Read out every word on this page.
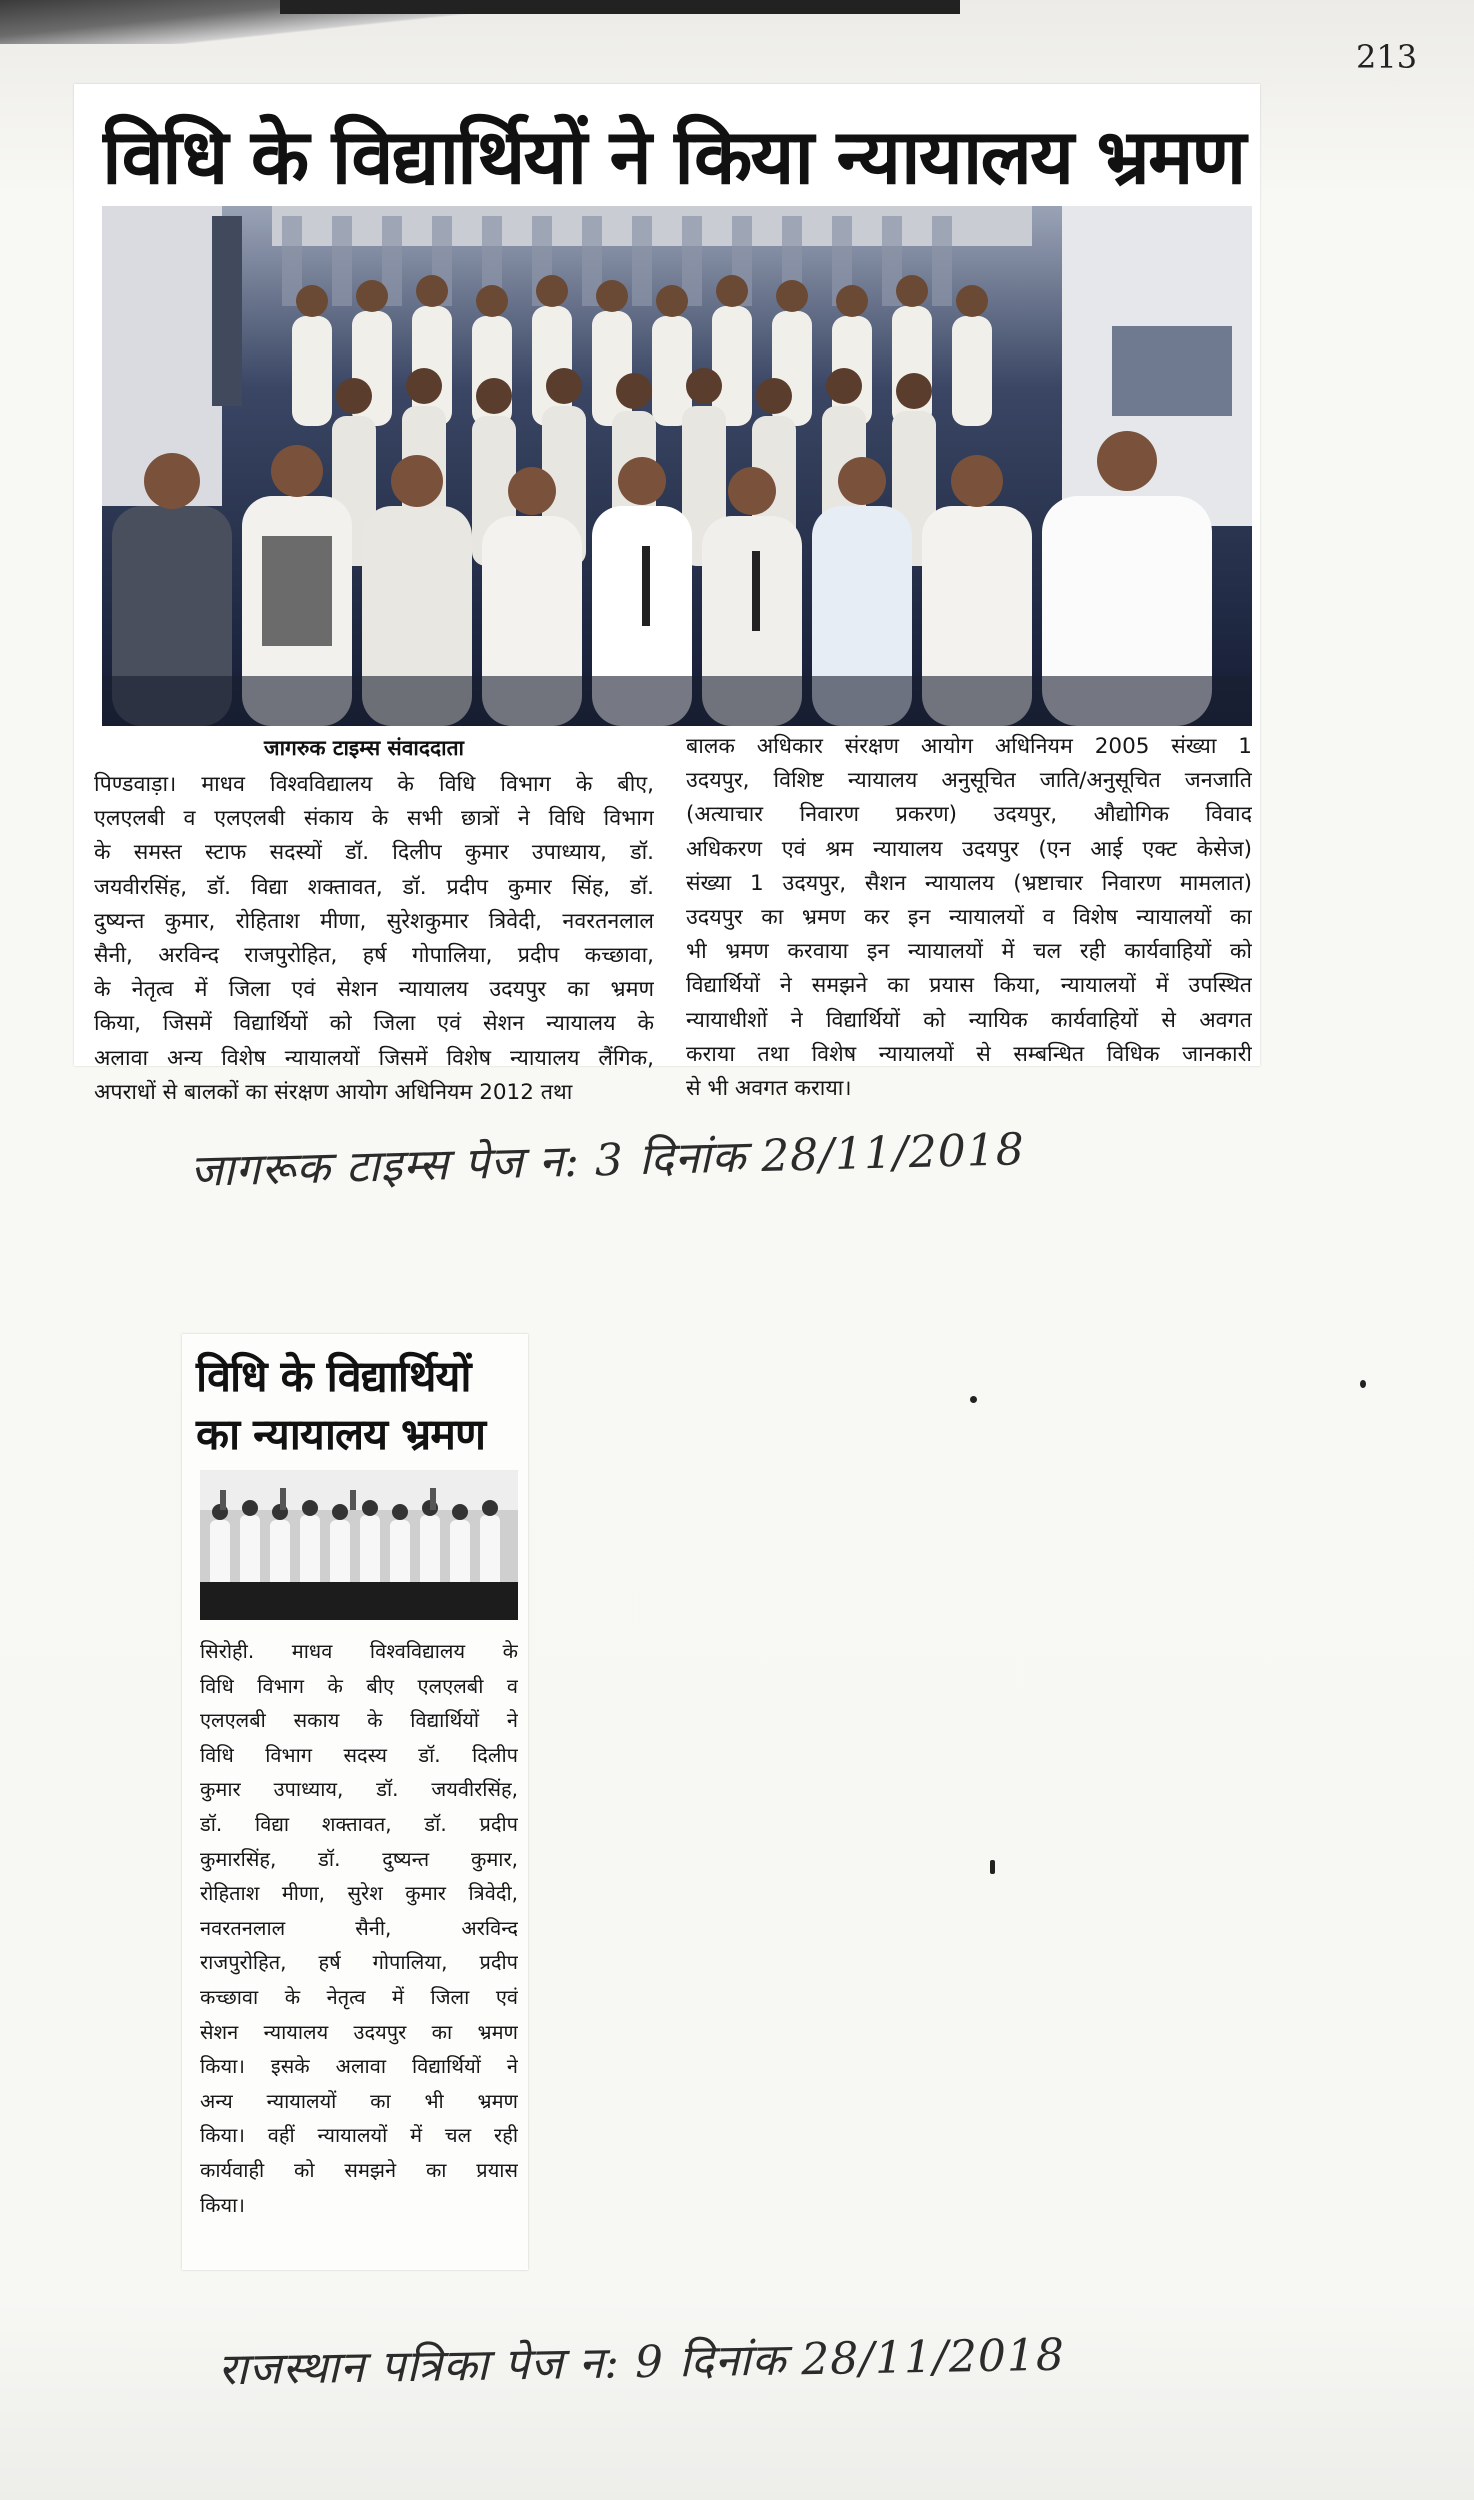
213
विधि के विद्यार्थियों ने किया न्यायालय भ्रमण
जागरुक टाइम्स संवाददाता
पिण्डवाड़ा। माधव विश्वविद्यालय के विधि विभाग के बीए,
एलएलबी व एलएलबी संकाय के सभी छात्रों ने विधि विभाग
के समस्त स्टाफ सदस्यों डॉ. दिलीप कुमार उपाध्याय, डॉ.
जयवीरसिंह, डॉ. विद्या शक्तावत, डॉ. प्रदीप कुमार सिंह, डॉ.
दुष्यन्त कुमार, रोहिताश मीणा, सुरेशकुमार त्रिवेदी, नवरतनलाल
सैनी, अरविन्द राजपुरोहित, हर्ष गोपालिया, प्रदीप कच्छावा,
के नेतृत्व में जिला एवं सेशन न्यायालय उदयपुर का भ्रमण
किया, जिसमें विद्यार्थियों को जिला एवं सेशन न्यायालय के
अलावा अन्य विशेष न्यायालयों जिसमें विशेष न्यायालय लैंगिक,
अपराधों से बालकों का संरक्षण आयोग अधिनियम 2012 तथा
बालक अधिकार संरक्षण आयोग अधिनियम 2005 संख्या 1
उदयपुर, विशिष्ट न्यायालय अनुसूचित जाति/अनुसूचित जनजाति
(अत्याचार निवारण प्रकरण) उदयपुर, औद्योगिक विवाद
अधिकरण एवं श्रम न्यायालय उदयपुर (एन आई एक्ट केसेज)
संख्या 1 उदयपुर, सैशन न्यायालय (भ्रष्टाचार निवारण मामलात)
उदयपुर का भ्रमण कर इन न्यायालयों व विशेष न्यायालयों का
भी भ्रमण करवाया इन न्यायालयों में चल रही कार्यवाहियों को
विद्यार्थियों ने समझने का प्रयास किया, न्यायालयों में उपस्थित
न्यायाधीशों ने विद्यार्थियों को न्यायिक कार्यवाहियों से अवगत
कराया तथा विशेष न्यायालयों से सम्बन्धित विधिक जानकारी
से भी अवगत कराया।
जागरूक टाइम्स पेज न: 3 दिनांक 28/11/2018
विधि के विद्यार्थियों
का न्यायालय भ्रमण
सिरोही. माधव विश्वविद्यालय के
विधि विभाग के बीए एलएलबी व
एलएलबी सकाय के विद्यार्थियों ने
विधि विभाग सदस्य डॉ. दिलीप
कुमार उपाध्याय, डॉ. जयवीरसिंह,
डॉ. विद्या शक्तावत, डॉ. प्रदीप
कुमारसिंह, डॉ. दुष्यन्त कुमार,
रोहिताश मीणा, सुरेश कुमार त्रिवेदी,
नवरतनलाल सैनी, अरविन्द
राजपुरोहित, हर्ष गोपालिया, प्रदीप
कच्छावा के नेतृत्व में जिला एवं
सेशन न्यायालय उदयपुर का भ्रमण
किया। इसके अलावा विद्यार्थियों ने
अन्य न्यायालयों का भी भ्रमण
किया। वहीं न्यायालयों में चल रही
कार्यवाही को समझने का प्रयास
किया।
राजस्थान पत्रिका पेज न: 9 दिनांक 28/11/2018
